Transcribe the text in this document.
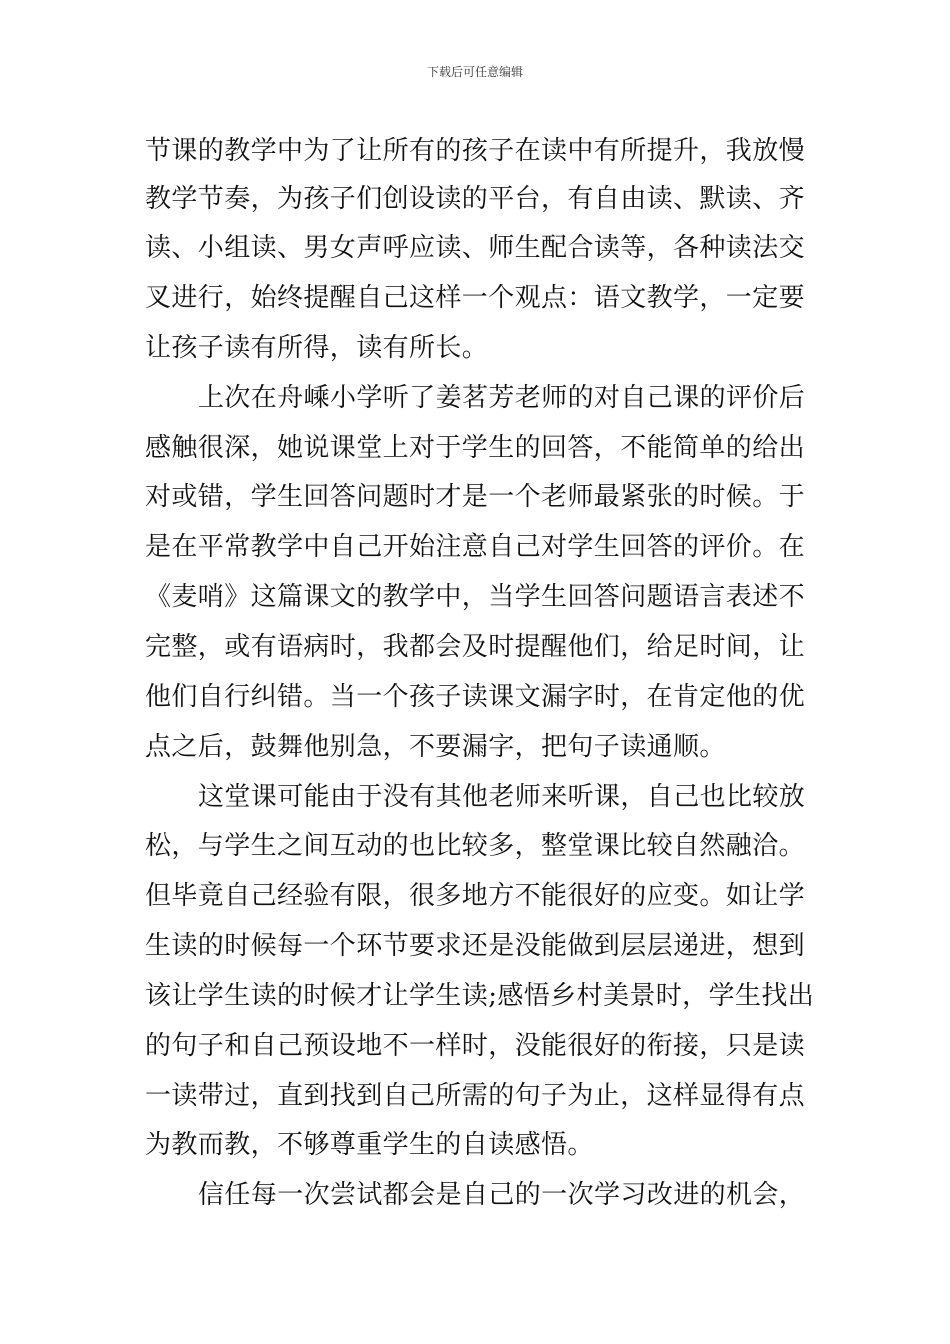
下载后可任意编辑

节课的教学中为了让所有的孩子在读中有所提升，我放慢

教学节奏，为孩子们创设读的平台，有自由读、默读、齐

读、小组读、男女声呼应读、师生配合读等，各种读法交

叉进行，始终提醒自己这样一个观点：语文教学，一定要

让孩子读有所得，读有所长。

上次在舟嵊小学听了姜茗芳老师的对自己课的评价后

感触很深，她说课堂上对于学生的回答，不能简单的给出

对或错，学生回答问题时才是一个老师最紧张的时候。于

是在平常教学中自己开始注意自己对学生回答的评价。在

《麦哨》这篇课文的教学中，当学生回答问题语言表述不

完整，或有语病时，我都会及时提醒他们，给足时间，让

他们自行纠错。当一个孩子读课文漏字时，在肯定他的优

点之后，鼓舞他别急，不要漏字，把句子读通顺。

这堂课可能由于没有其他老师来听课，自己也比较放

松，与学生之间互动的也比较多，整堂课比较自然融洽。

但毕竟自己经验有限，很多地方不能很好的应变。如让学

生读的时候每一个环节要求还是没能做到层层递进，想到

该让学生读的时候才让学生读;感悟乡村美景时，学生找出

的句子和自己预设地不一样时，没能很好的衔接，只是读

一读带过，直到找到自己所需的句子为止，这样显得有点

为教而教，不够尊重学生的自读感悟。

信任每一次尝试都会是自己的一次学习改进的机会，
